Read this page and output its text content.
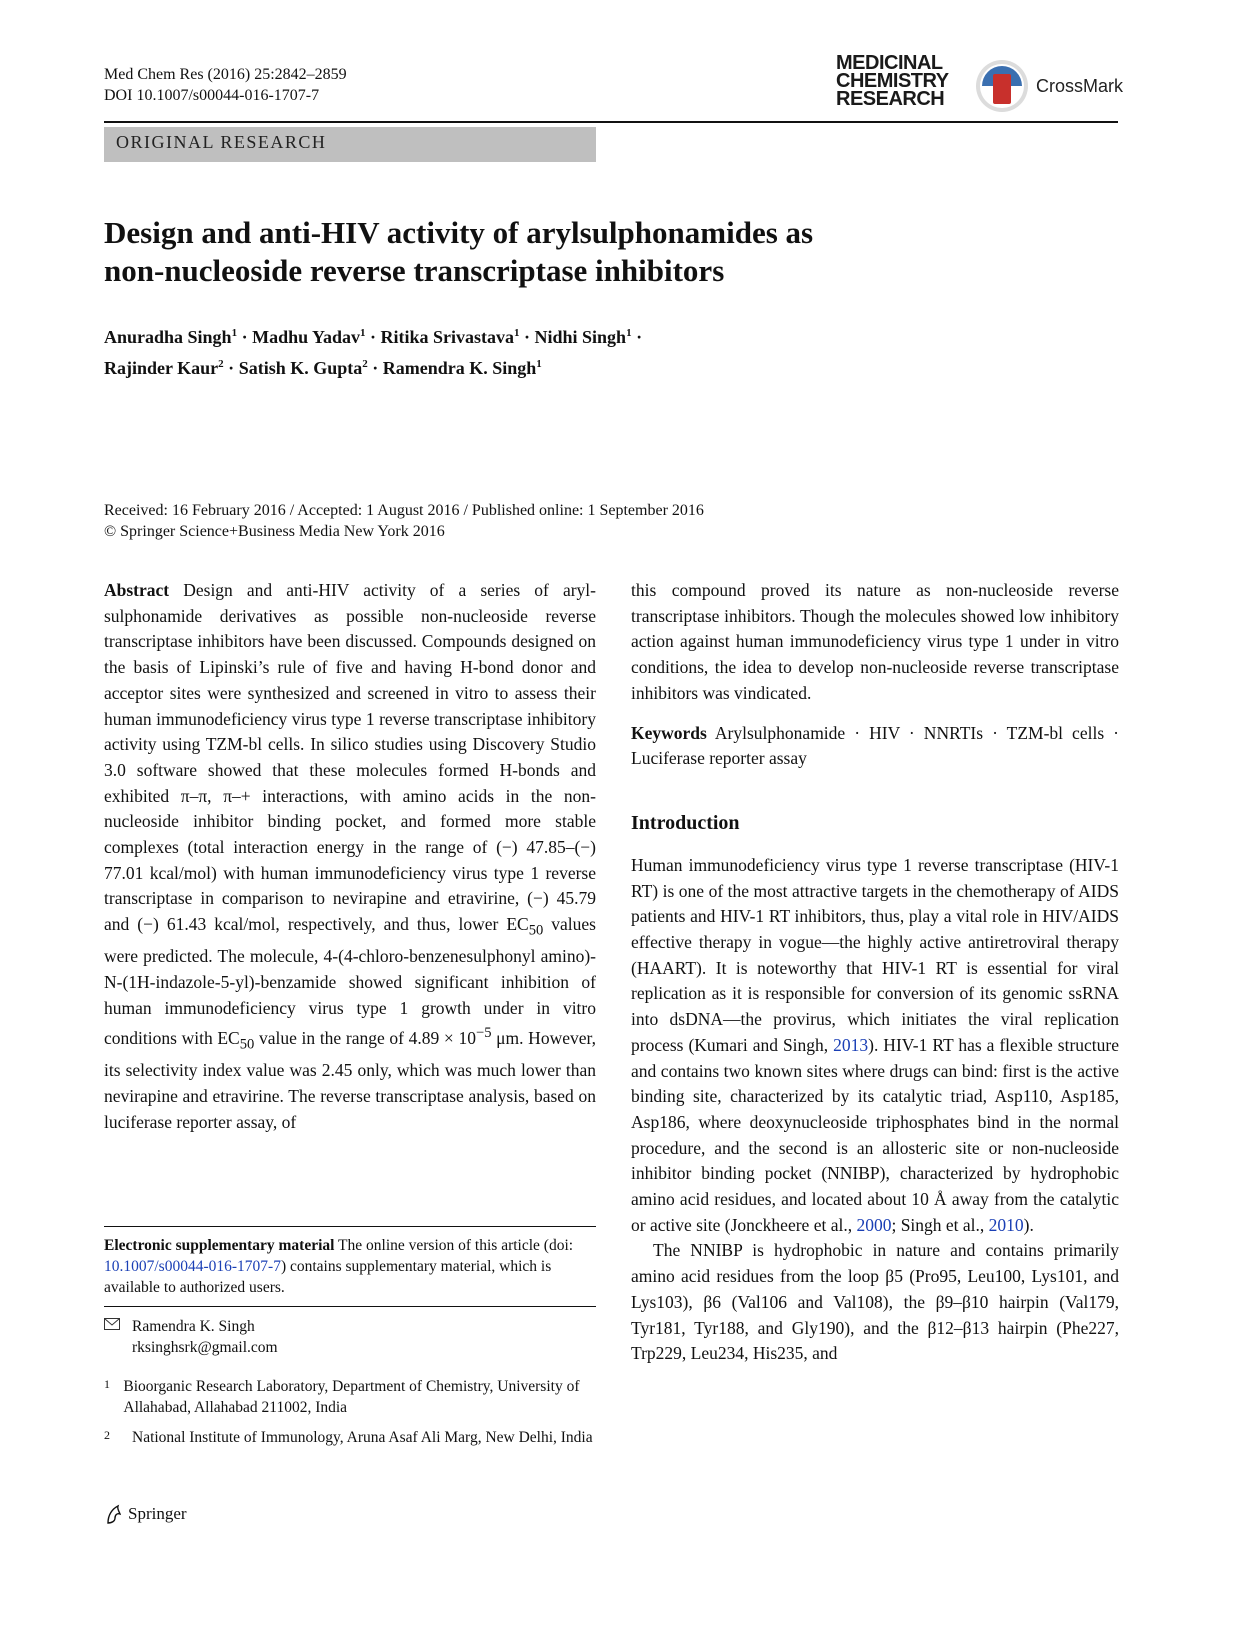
Med Chem Res (2016) 25:2842–2859
DOI 10.1007/s00044-016-1707-7
MEDICINAL
CHEMISTRY
RESEARCH
CrossMark
ORIGINAL RESEARCH
Design and anti-HIV activity of arylsulphonamides as
non-nucleoside reverse transcriptase inhibitors
Anuradha Singh$^1$ · Madhu Yadav$^1$ · Ritika Srivastava$^1$ · Nidhi Singh$^1$ ·
Rajinder Kaur$^2$ · Satish K. Gupta$^2$ · Ramendra K. Singh$^1$
Received: 16 February 2016 / Accepted: 1 August 2016 / Published online: 1 September 2016
© Springer Science+Business Media New York 2016

Abstract Design and anti-HIV activity of a series of aryl-sulphonamide derivatives as possible non-nucleoside reverse transcriptase inhibitors have been discussed. Compounds designed on the basis of Lipinski’s rule of five and having H-bond donor and acceptor sites were synthesized and screened in vitro to assess their human immunodeficiency virus type 1 reverse transcriptase inhibitory activity using TZM-bl cells. In silico studies using Discovery Studio 3.0 software showed that these molecules formed H-bonds and exhibited π–π, π–+ interactions, with amino acids in the non-nucleoside inhibitor binding pocket, and formed more stable complexes (total interaction energy in the range of (−) 47.85–(−) 77.01 kcal/mol) with human immunodeficiency virus type 1 reverse transcriptase in comparison to nevirapine and etravirine, (−) 45.79 and (−) 61.43 kcal/mol, respectively, and thus, lower $EC_{50}$ values were predicted. The molecule, 4-(4-chloro-benzenesulphonyl amino)-N-(1H-indazole-5-yl)-benzamide showed significant inhibition of human immunodeficiency virus type 1 growth under in vitro conditions with $EC_{50}$ value in the range of $4.89 \times 10^{-5}$ μm. However, its selectivity index value was 2.45 only, which was much lower than nevirapine and etravirine. The reverse transcriptase analysis, based on luciferase reporter assay, of

this compound proved its nature as non-nucleoside reverse transcriptase inhibitors. Though the molecules showed low inhibitory action against human immunodeficiency virus type 1 under in vitro conditions, the idea to develop non-nucleoside reverse transcriptase inhibitors was vindicated.

Keywords Arylsulphonamide · HIV · NNRTIs · TZM-bl cells · Luciferase reporter assay

Introduction

Human immunodeficiency virus type 1 reverse transcriptase (HIV-1 RT) is one of the most attractive targets in the chemotherapy of AIDS patients and HIV-1 RT inhibitors, thus, play a vital role in HIV/AIDS effective therapy in vogue—the highly active antiretroviral therapy (HAART). It is noteworthy that HIV-1 RT is essential for viral replication as it is responsible for conversion of its genomic ssRNA into dsDNA—the provirus, which initiates the viral replication process (Kumari and Singh, 2013). HIV-1 RT has a flexible structure and contains two known sites where drugs can bind: first is the active binding site, characterized by its catalytic triad, Asp110, Asp185, Asp186, where deoxynucleoside triphosphates bind in the normal procedure, and the second is an allosteric site or non-nucleoside inhibitor binding pocket (NNIBP), characterized by hydrophobic amino acid residues, and located about 10 Å away from the catalytic or active site (Jonckheere et al., 2000; Singh et al., 2010).

The NNIBP is hydrophobic in nature and contains primarily amino acid residues from the loop β5 (Pro95, Leu100, Lys101, and Lys103), β6 (Val106 and Val108), the β9–β10 hairpin (Val179, Tyr181, Tyr188, and Gly190), and the β12–β13 hairpin (Phe227, Trp229, Leu234, His235, and

Electronic supplementary material The online version of this article (doi: 10.1007/s00044-016-1707-7) contains supplementary material, which is available to authorized users.
Ramendra K. Singh
rksinghsrk@gmail.com
1 Bioorganic Research Laboratory, Department of Chemistry, University of Allahabad, Allahabad 211002, India
2	National Institute of Immunology, Aruna Asaf Ali Marg, New Delhi, India
Springer
